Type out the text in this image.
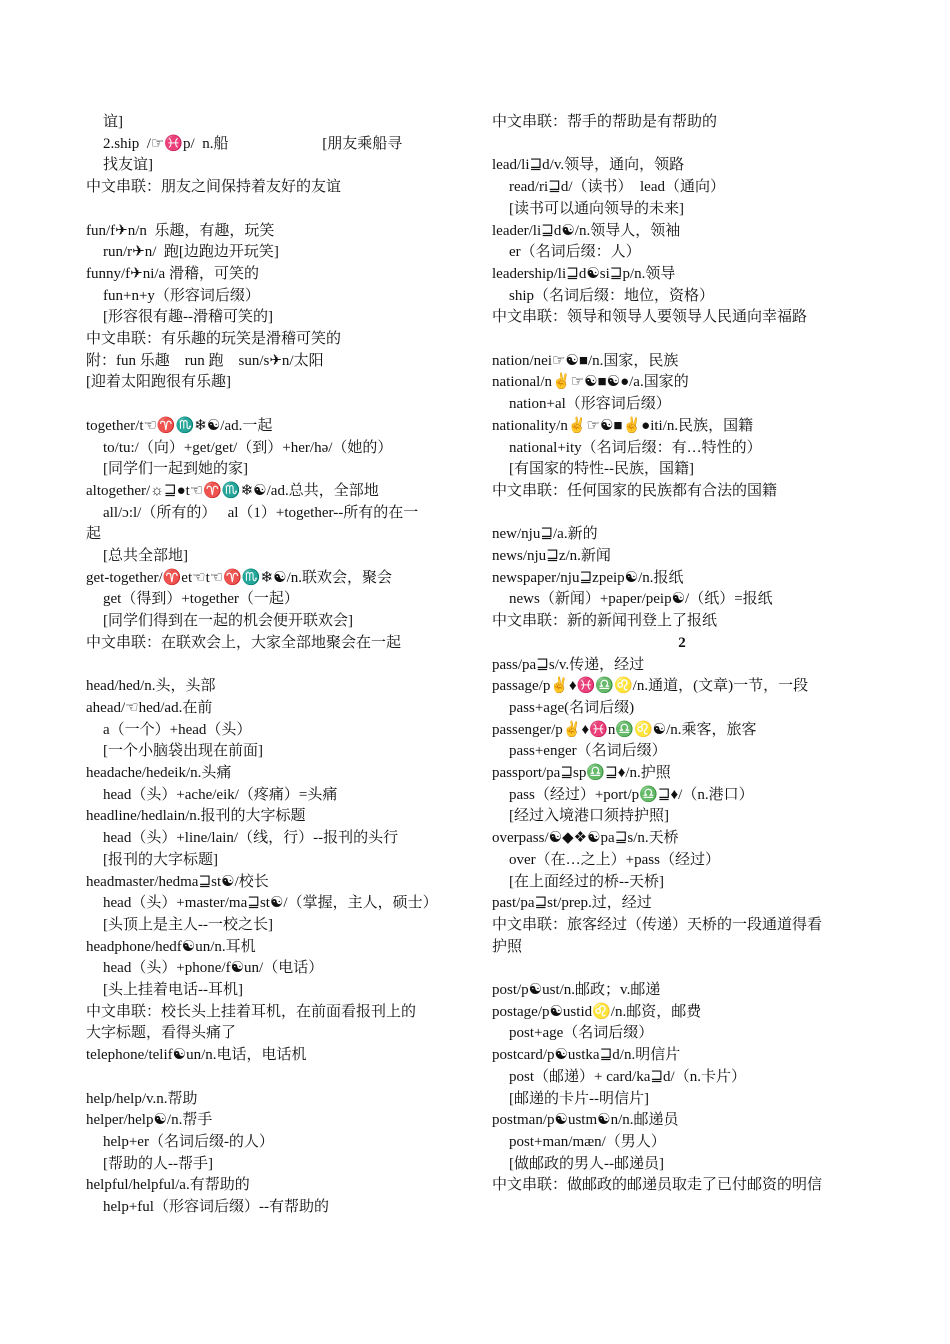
谊]
2.ship  /☞♓p/  n.船                         [朋友乘船寻
找友谊]
中文串联：朋友之间保持着友好的友谊
fun/f✈n/n  乐趣，有趣，玩笑
run/r✈n/  跑[边跑边开玩笑]
funny/f✈ni/a 滑稽，可笑的
fun+n+y（形容词后缀）
[形容很有趣--滑稽可笑的]
中文串联：有乐趣的玩笑是滑稽可笑的
附：fun 乐趣    run 跑    sun/s✈n/太阳
[迎着太阳跑很有乐趣]
together/t☜♈♏❄☯/ad.一起
to/tu:/（向）+get/get/（到）+her/hə/（她的）
[同学们一起到她的家]
altogether/☼⊒●t☜♈♏❄☯/ad.总共，全部地
all/ɔ:l/（所有的）   al（1）+together--所有的在一
起
[总共全部地]
get-together/♈et☜t☜♈♏❄☯/n.联欢会，聚会
get（得到）+together（一起）
[同学们得到在一起的机会便开联欢会]
中文串联：在联欢会上，大家全部地聚会在一起
head/hed/n.头，头部
ahead/☜hed/ad.在前
a（一个）+head（头）
[一个小脑袋出现在前面]
headache/hedeik/n.头痛
head（头）+ache/eik/（疼痛）=头痛
headline/hedlain/n.报刊的大字标题
head（头）+line/lain/（线，行）--报刊的头行
[报刊的大字标题]
headmaster/hedma⊒st☯/校长
head（头）+master/ma⊒st☯/（掌握，主人，硕士）
[头顶上是主人--一校之长]
headphone/hedf☯un/n.耳机
head（头）+phone/f☯un/（电话）
[头上挂着电话--耳机]
中文串联：校长头上挂着耳机，在前面看报刊上的
大字标题，看得头痛了
telephone/telif☯un/n.电话，电话机
help/help/v.n.帮助
helper/help☯/n.帮手
help+er（名词后缀-的人）
[帮助的人--帮手]
helpful/helpful/a.有帮助的
help+ful（形容词后缀）--有帮助的
中文串联：帮手的帮助是有帮助的
lead/li⊒d/v.领导，通向，领路
read/ri⊒d/（读书）  lead（通向）
[读书可以通向领导的未来]
leader/li⊒d☯/n.领导人，领袖
er（名词后缀：人）
leadership/li⊒d☯si⊒p/n.领导
ship（名词后缀：地位，资格）
中文串联：领导和领导人要领导人民通向幸福路
nation/nei☞☯■/n.国家，民族
national/n✌☞☯■☯●/a.国家的
nation+al（形容词后缀）
nationality/n✌☞☯■✌●iti/n.民族，国籍
national+ity（名词后缀：有…特性的）
[有国家的特性--民族，国籍]
中文串联：任何国家的民族都有合法的国籍
new/nju⊒/a.新的
news/nju⊒z/n.新闻
newspaper/nju⊒zpeip☯/n.报纸
news（新闻）+paper/peip☯/（纸）=报纸
中文串联：新的新闻刊登上了报纸
2
pass/pa⊒s/v.传递，经过
passage/p✌♦♓♎♌/n.通道，(文章)一节，一段
pass+age(名词后缀)
passenger/p✌♦♓n♎♌☯/n.乘客，旅客
pass+enger（名词后缀）
passport/pa⊒sp♎⊒♦/n.护照
pass（经过）+port/p♎⊒♦/（n.港口）
[经过入境港口须持护照]
overpass/☯◆❖☯pa⊒s/n.天桥
over（在…之上）+pass（经过）
[在上面经过的桥--天桥]
past/pa⊒st/prep.过，经过
中文串联：旅客经过（传递）天桥的一段通道得看
护照
post/p☯ust/n.邮政；v.邮递
postage/p☯ustid♌/n.邮资，邮费
post+age（名词后缀）
postcard/p☯ustka⊒d/n.明信片
post（邮递）+ card/ka⊒d/（n.卡片）
[邮递的卡片--明信片]
postman/p☯ustm☯n/n.邮递员
post+man/mæn/（男人）
[做邮政的男人--邮递员]
中文串联：做邮政的邮递员取走了已付邮资的明信
